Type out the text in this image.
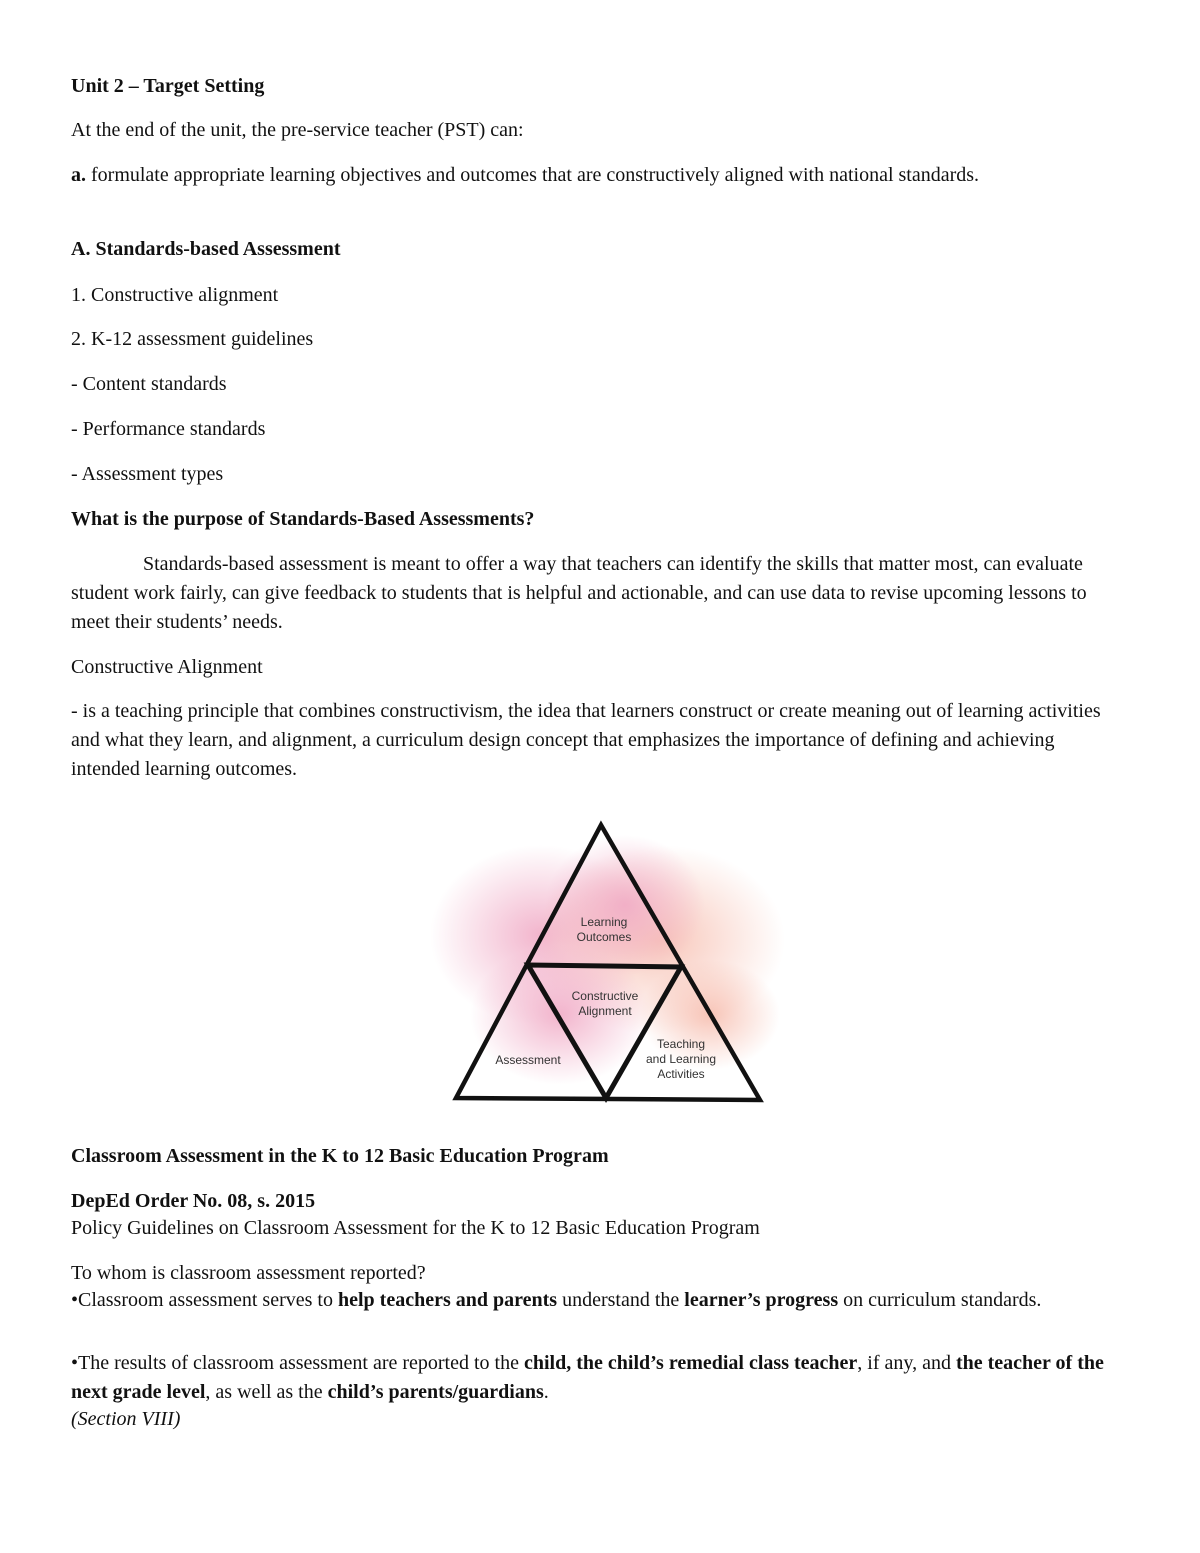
Unit 2 – Target Setting
At the end of the unit, the pre-service teacher (PST) can:
a. formulate appropriate learning objectives and outcomes that are constructively aligned with national standards.
A. Standards-based Assessment
1. Constructive alignment
2. K-12 assessment guidelines
- Content standards
- Performance standards
- Assessment types
What is the purpose of Standards-Based Assessments?
Standards-based assessment is meant to offer a way that teachers can identify the skills that matter most, can evaluate student work fairly, can give feedback to students that is helpful and actionable, and can use data to revise upcoming lessons to meet their students’ needs.
Constructive Alignment
- is a teaching principle that combines constructivism, the idea that learners construct or create meaning out of learning activities and what they learn, and alignment, a curriculum design concept that emphasizes the importance of defining and achieving intended learning outcomes.
Classroom Assessment in the K to 12 Basic Education Program
DepEd Order No. 08, s. 2015
Policy Guidelines on Classroom Assessment for the K to 12 Basic Education Program
To whom is classroom assessment reported?
•Classroom assessment serves to help teachers and parents understand the learner’s progress on curriculum standards.
•The results of classroom assessment are reported to the child, the child’s remedial class teacher, if any, and the teacher of the next grade level, as well as the child’s parents/guardians.
(Section VIII)
Learning
Outcomes
Constructive
Alignment
Assessment
Teaching
and Learning
Activities
